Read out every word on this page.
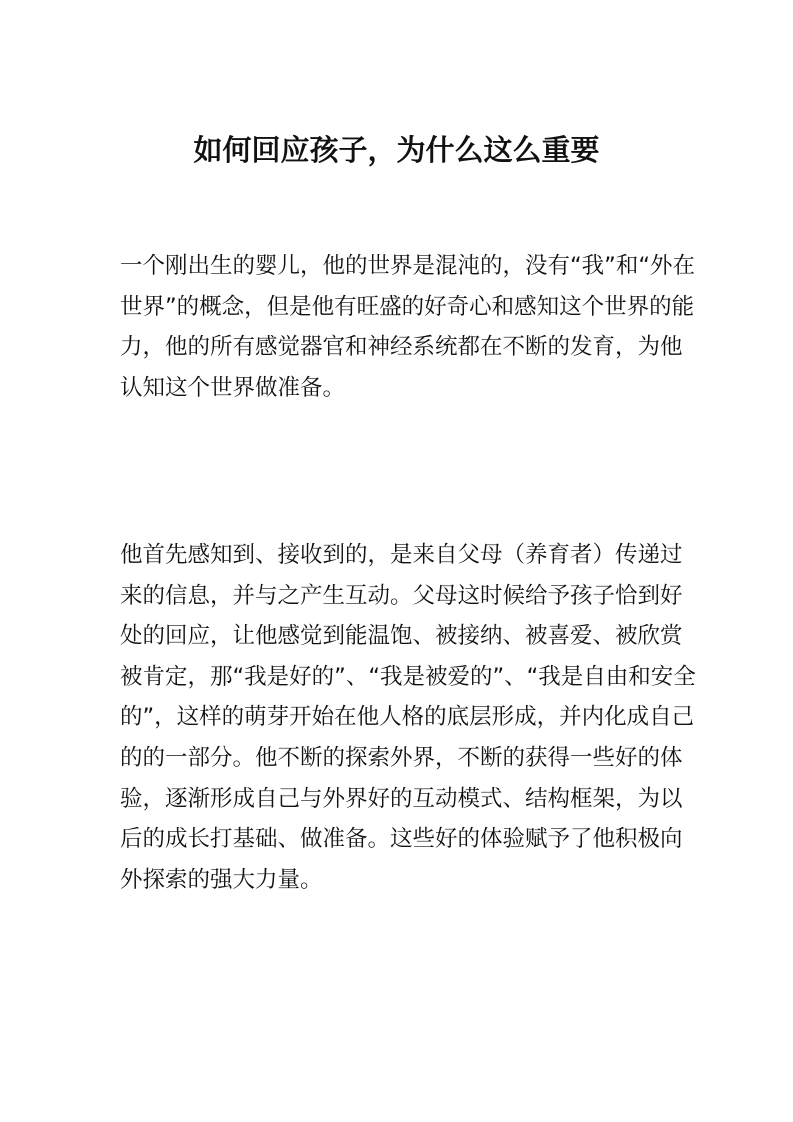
如何回应孩子，为什么这么重要
一个刚出生的婴儿，他的世界是混沌的，没有“我”和“外在
世界”的概念，但是他有旺盛的好奇心和感知这个世界的能
力，他的所有感觉器官和神经系统都在不断的发育，为他
认知这个世界做准备。
他首先感知到、接收到的，是来自父母（养育者）传递过
来的信息，并与之产生互动。父母这时候给予孩子恰到好
处的回应，让他感觉到能温饱、被接纳、被喜爱、被欣赏
被肯定，那“我是好的”、“我是被爱的”、“我是自由和安全
的”，这样的萌芽开始在他人格的底层形成，并内化成自己
的的一部分。他不断的探索外界，不断的获得一些好的体
验，逐渐形成自己与外界好的互动模式、结构框架，为以
后的成长打基础、做准备。这些好的体验赋予了他积极向
外探索的强大力量。
